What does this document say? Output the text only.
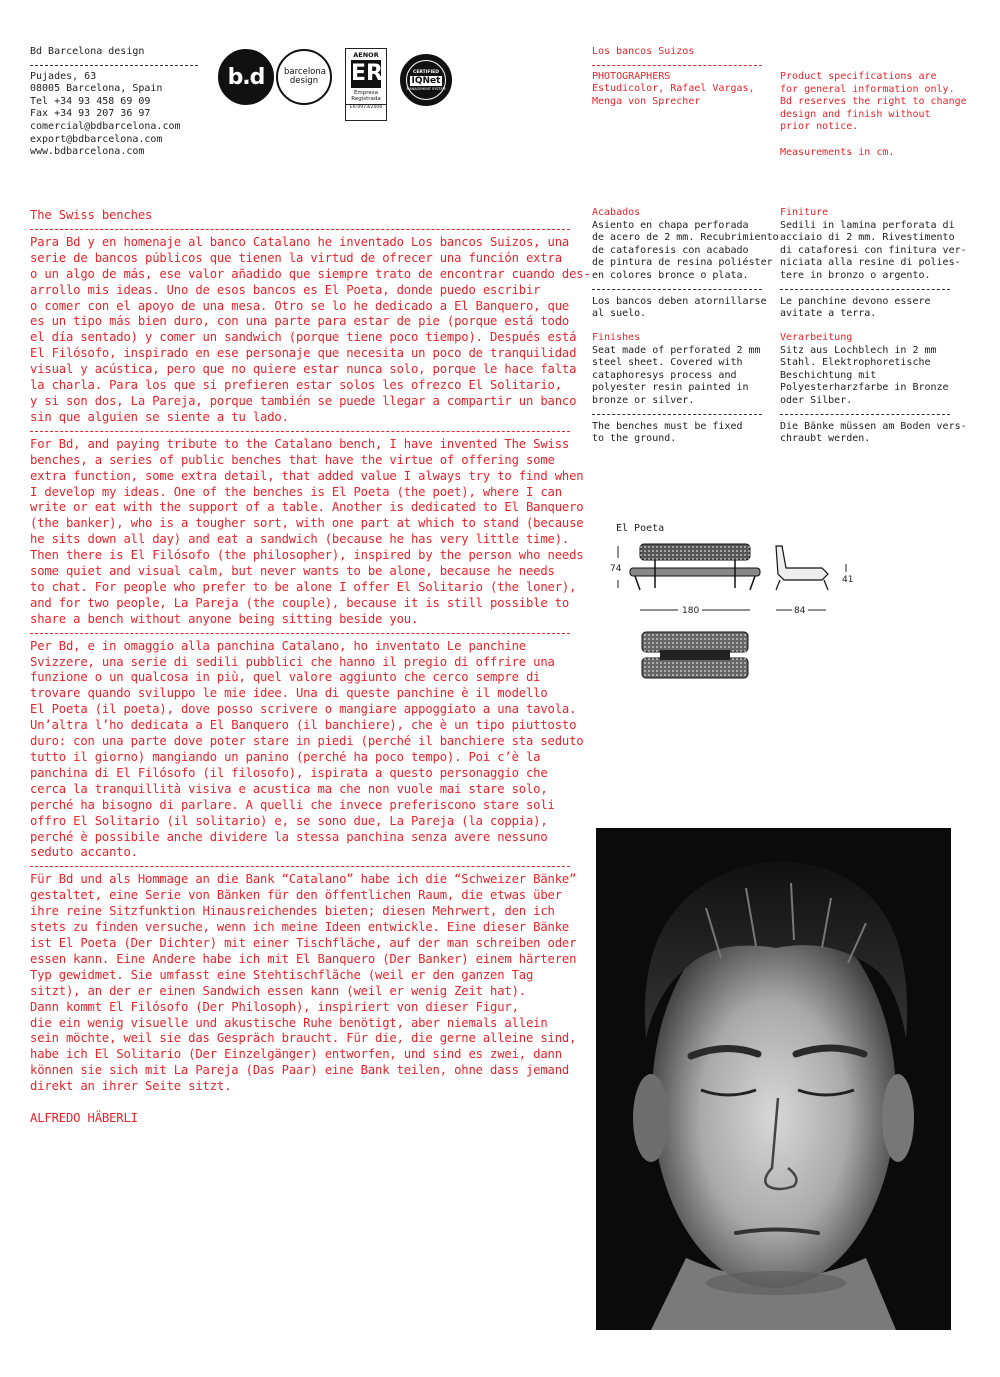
Bd Barcelona design
Pujades, 63
08005 Barcelona, Spain
Tel +34 93 458 69 09
Fax +34 93 207 36 97
comercial@bdbarcelona.com
export@bdbarcelona.com
www.bdbarcelona.com
b.d barcelona design
AENOR
ER
Empresa
Registrada
ER-0973/2006
CERTIFIED
IQNet
MANAGEMENT SYSTEM
Los bancos Suizos
PHOTOGRAPHERS
Estudicolor, Rafael Vargas,
Menga von Sprecher
Product specifications are
for general information only.
Bd reserves the right to change
design and finish without
prior notice.
Measurements in cm.
Acabados
Asiento en chapa perforada
de acero de 2 mm. Recubrimiento
de cataforesis con acabado
de pintura de resina poliéster
en colores bronce o plata.
Los bancos deben atornillarse
al suelo.
Finiture
Sedili in lamina perforata di
acciaio di 2 mm. Rivestimento
di cataforesi con finitura ver-
niciata alla resine di polies-
tere in bronzo o argento.
Le panchine devono essere
avitate a terra.
Finishes
Seat made of perforated 2 mm
steel sheet. Covered with
cataphoresys process and
polyester resin painted in
bronze or silver.
The benches must be fixed
to the ground.
Verarbeitung
Sitz aus Lochblech in 2 mm
Stahl. Elektrophoretische
Beschichtung mit
Polyesterharzfarbe in Bronze
oder Silber.
Die Bänke müssen am Boden vers-
chraubt werden.
El Poeta
74
41
180	84
The Swiss benches
Para Bd y en homenaje al banco Catalano he inventado Los bancos Suizos, una
serie de bancos públicos que tienen la virtud de ofrecer una función extra
o un algo de más, ese valor añadido que siempre trato de encontrar cuando des-
arrollo mis ideas. Uno de esos bancos es El Poeta, donde puedo escribir
o comer con el apoyo de una mesa. Otro se lo he dedicado a El Banquero, que
es un tipo más bien duro, con una parte para estar de pie (porque está todo
el día sentado) y comer un sandwich (porque tiene poco tiempo). Después está
El Filósofo, inspirado en ese personaje que necesita un poco de tranquilidad
visual y acústica, pero que no quiere estar nunca solo, porque le hace falta
la charla. Para los que si prefieren estar solos les ofrezco El Solitario,
y si son dos, La Pareja, porque también se puede llegar a compartir un banco
sin que alguien se siente a tu lado.
For Bd, and paying tribute to the Catalano bench, I have invented The Swiss
benches, a series of public benches that have the virtue of offering some
extra function, some extra detail, that added value I always try to find when
I develop my ideas. One of the benches is El Poeta (the poet), where I can
write or eat with the support of a table. Another is dedicated to El Banquero
(the banker), who is a tougher sort, with one part at which to stand (because
he sits down all day) and eat a sandwich (because he has very little time).
Then there is El Filósofo (the philosopher), inspired by the person who needs
some quiet and visual calm, but never wants to be alone, because he needs
to chat. For people who prefer to be alone I offer El Solitario (the loner),
and for two people, La Pareja (the couple), because it is still possible to
share a bench without anyone being sitting beside you.
Per Bd, e in omaggio alla panchina Catalano, ho inventato Le panchine
Svizzere, una serie di sedili pubblici che hanno il pregio di offrire una
funzione o un qualcosa in più, quel valore aggiunto che cerco sempre di
trovare quando sviluppo le mie idee. Una di queste panchine è il modello
El Poeta (il poeta), dove posso scrivere o mangiare appoggiato a una tavola.
Un’altra l’ho dedicata a El Banquero (il banchiere), che è un tipo piuttosto
duro: con una parte dove poter stare in piedi (perché il banchiere sta seduto
tutto il giorno) mangiando un panino (perché ha poco tempo). Poi c’è la
panchina di El Filósofo (il filosofo), ispirata a questo personaggio che
cerca la tranquillità visiva e acustica ma che non vuole mai stare solo,
perché ha bisogno di parlare. A quelli che invece preferiscono stare soli
offro El Solitario (il solitario) e, se sono due, La Pareja (la coppia),
perché è possibile anche dividere la stessa panchina senza avere nessuno
seduto accanto.
Für Bd und als Hommage an die Bank “Catalano” habe ich die “Schweizer Bänke”
gestaltet, eine Serie von Bänken für den öffentlichen Raum, die etwas über
ihre reine Sitzfunktion Hinausreichendes bieten; diesen Mehrwert, den ich
stets zu finden versuche, wenn ich meine Ideen entwickle. Eine dieser Bänke
ist El Poeta (Der Dichter) mit einer Tischfläche, auf der man schreiben oder
essen kann. Eine Andere habe ich mit El Banquero (Der Banker) einem härteren
Typ gewidmet. Sie umfasst eine Stehtischfläche (weil er den ganzen Tag
sitzt), an der er einen Sandwich essen kann (weil er wenig Zeit hat).
Dann kommt El Filósofo (Der Philosoph), inspiriert von dieser Figur,
die ein wenig visuelle und akustische Ruhe benötigt, aber niemals allein
sein möchte, weil sie das Gespräch braucht. Für die, die gerne alleine sind,
habe ich El Solitario (Der Einzelgänger) entworfen, und sind es zwei, dann
können sie sich mit La Pareja (Das Paar) eine Bank teilen, ohne dass jemand
direkt an ihrer Seite sitzt.
ALFREDO HÄBERLI
